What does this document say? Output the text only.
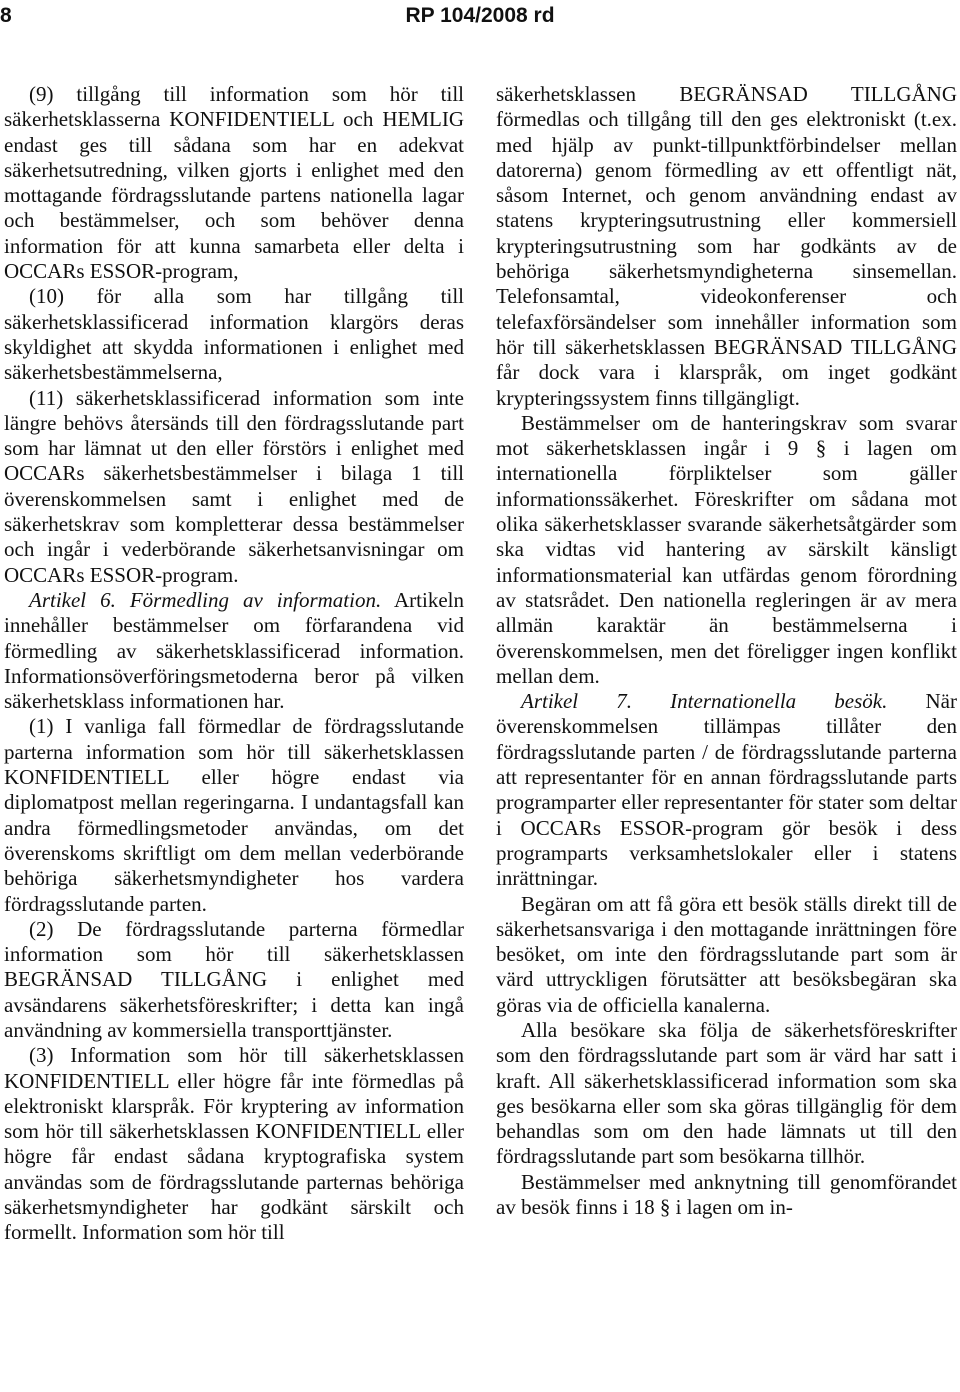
8	RP 104/2008 rd

(9) tillgång till information som hör till säkerhetsklasserna KONFIDENTIELL och HEMLIG endast ges till sådana som har en adekvat säkerhetsutredning, vilken gjorts i enlighet med den mottagande fördragsslutande partens nationella lagar och bestämmelser, och som behöver denna information för att kunna samarbeta eller delta i OCCARs ESSOR-program,

(10) för alla som har tillgång till säkerhetsklassificerad information klargörs deras skyldighet att skydda informationen i enlighet med säkerhetsbestämmelserna,

(11) säkerhetsklassificerad information som inte längre behövs återsänds till den fördragsslutande part som har lämnat ut den eller förstörs i enlighet med OCCARs säkerhetsbestämmelser i bilaga 1 till överenskommelsen samt i enlighet med de säkerhetskrav som kompletterar dessa bestämmelser och ingår i vederbörande säkerhetsanvisningar om OCCARs ESSOR-program.

Artikel 6. Förmedling av information. Artikeln innehåller bestämmelser om förfarandena vid förmedling av säkerhetsklassificerad information. Informationsöverföringsmetoderna beror på vilken säkerhetsklass informationen har.

(1) I vanliga fall förmedlar de fördragsslutande parterna information som hör till säkerhetsklassen KONFIDENTIELL eller högre endast via diplomatpost mellan regeringarna. I undantagsfall kan andra förmedlingsmetoder användas, om det överenskoms skriftligt om dem mellan vederbörande behöriga säkerhetsmyndigheter hos vardera fördragsslutande parten.

(2) De fördragsslutande parterna förmedlar information som hör till säkerhetsklassen BEGRÄNSAD TILLGÅNG i enlighet med avsändarens säkerhetsföreskrifter; i detta kan ingå användning av kommersiella transporttjänster.

(3) Information som hör till säkerhetsklassen KONFIDENTIELL eller högre får inte förmedlas på elektroniskt klarspråk. För kryptering av information som hör till säkerhetsklassen KONFIDENTIELL eller högre får endast sådana kryptografiska system användas som de fördragsslutande parternas behöriga säkerhetsmyndigheter har godkänt särskilt och formellt. Information som hör till

säkerhetsklassen BEGRÄNSAD TILLGÅNG förmedlas och tillgång till den ges elektroniskt (t.ex. med hjälp av punkt-tillpunktförbindelser mellan datorerna) genom förmedling av ett offentligt nät, såsom Internet, och genom användning endast av statens krypteringsutrustning eller kommersiell krypteringsutrustning som har godkänts av de behöriga säkerhetsmyndigheterna sinsemellan. Telefonsamtal, videokonferenser och telefaxförsändelser som innehåller information som hör till säkerhetsklassen BEGRÄNSAD TILLGÅNG får dock vara i klarspråk, om inget godkänt krypteringssystem finns tillgängligt.

Bestämmelser om de hanteringskrav som svarar mot säkerhetsklassen ingår i 9 § i lagen om internationella förpliktelser som gäller informationssäkerhet. Föreskrifter om sådana mot olika säkerhetsklasser svarande säkerhetsåtgärder som ska vidtas vid hantering av särskilt känsligt informationsmaterial kan utfärdas genom förordning av statsrådet. Den nationella regleringen är av mera allmän karaktär än bestämmelserna i överenskommelsen, men det föreligger ingen konflikt mellan dem.

Artikel 7. Internationella besök. När överenskommelsen tillämpas tillåter den fördragsslutande parten / de fördragsslutande parterna att representanter för en annan fördragsslutande parts programparter eller representanter för stater som deltar i OCCARs ESSOR-program gör besök i dess programparts verksamhetslokaler eller i statens inrättningar.

Begäran om att få göra ett besök ställs direkt till de säkerhetsansvariga i den mottagande inrättningen före besöket, om inte den fördragsslutande part som är värd uttryckligen förutsätter att besöksbegäran ska göras via de officiella kanalerna.

Alla besökare ska följa de säkerhetsföreskrifter som den fördragsslutande part som är värd har satt i kraft. All säkerhetsklassificerad information som ska ges besökarna eller som ska göras tillgänglig för dem behandlas som om den hade lämnats ut till den fördragsslutande part som besökarna tillhör.

Bestämmelser med anknytning till genomförandet av besök finns i 18 § i lagen om in-
